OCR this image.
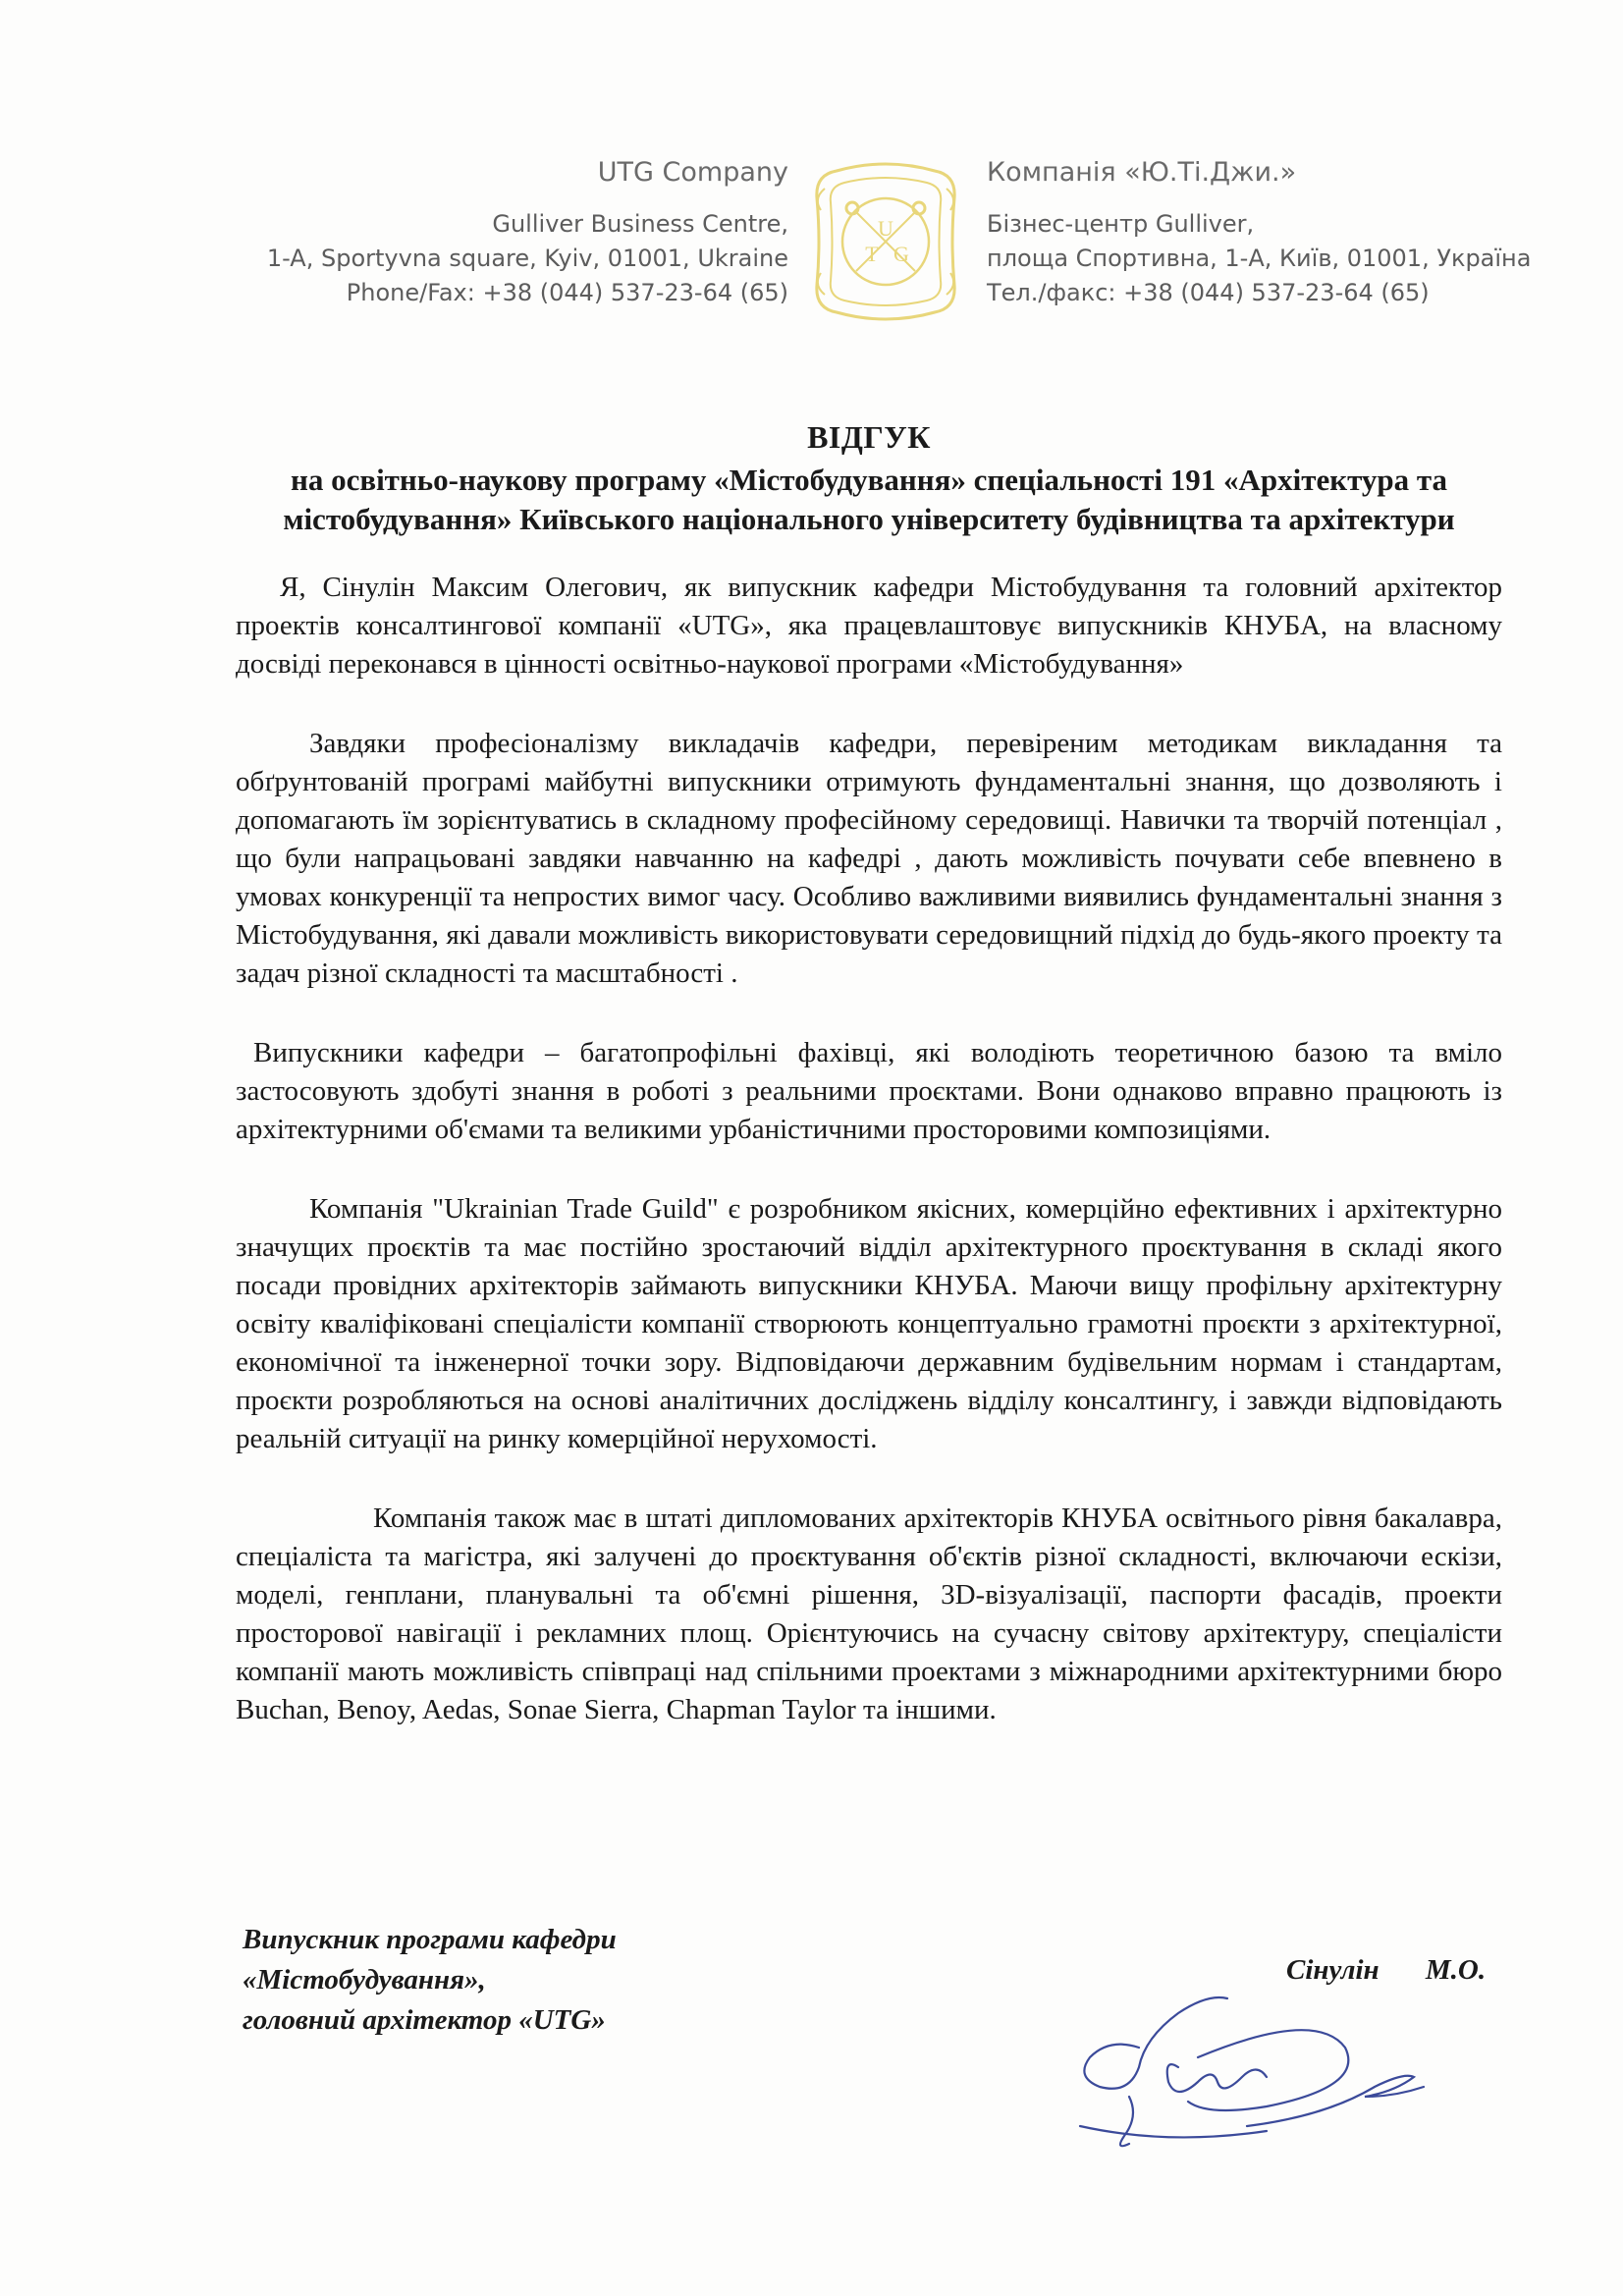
UTG Company
Gulliver Business Centre,
1-A, Sportyvna square, Kyiv, 01001, Ukraine
Phone/Fax: +38 (044) 537-23-64 (65)
U
T G
Компанія «Ю.Ті.Джи.»
Бізнес-центр Gulliver,
площа Спортивна, 1-А, Київ, 01001, Україна
Тел./факс: +38 (044) 537-23-64 (65)
ВІДГУК
на освітньо-наукову програму «Містобудування» спеціальності 191 «Архітектура та містобудування» Київського національного університету будівництва та архітектури

Я, Сінулін Максим Олегович, як випускник кафедри Містобудування та головний архітектор проектів консалтингової компанії «UTG», яка працевлаштовує випускників КНУБА, на власному досвіді переконався в цінності освітньо-наукової програми «Містобудування»

Завдяки професіоналізму викладачів кафедри, перевіреним методикам викладання та обґрунтованій програмі майбутні випускники отримують фундаментальні знання, що дозволяють і допомагають їм зорієнтуватись в складному професійному середовищі. Навички та творчій потенціал , що були напрацьовані завдяки навчанню на кафедрі , дають можливість почувати себе впевнено в умовах конкуренції та непростих вимог часу. Особливо важливими виявились фундаментальні знання з Містобудування, які давали можливість використовувати середовищний підхід до будь-якого проекту та задач різної складності та масштабності .

Випускники кафедри – багатопрофільні фахівці, які володіють теоретичною базою та вміло застосовують здобуті знання в роботі з реальними проєктами. Вони однаково вправно працюють із архітектурними об'ємами та великими урбаністичними просторовими композиціями.

Компанія "Ukrainian Trade Guild" є розробником якісних, комерційно ефективних і архітектурно значущих проєктів та має постійно зростаючий відділ архітектурного проєктування в складі якого посади провідних архітекторів займають випускники КНУБА. Маючи вищу профільну архітектурну освіту кваліфіковані спеціалісти компанії створюють концептуально грамотні проєкти з архітектурної, економічної та інженерної точки зору. Відповідаючи державним будівельним нормам і стандартам, проєкти розробляються на основі аналітичних досліджень відділу консалтингу, і завжди відповідають реальній ситуації на ринку комерційної нерухомості.

Компанія також має в штаті дипломованих архітекторів КНУБА освітнього рівня бакалавра, спеціаліста та магістра, які залучені до проєктування об'єктів різної складності, включаючи ескізи, моделі, генплани, планувальні та об'ємні рішення, 3D-візуалізації, паспорти фасадів, проекти просторової навігації і рекламних площ. Орієнтуючись на сучасну світову архітектуру, спеціалісти компанії мають можливість співпраці над спільними проектами з міжнародними архітектурними бюро Buchan, Benoy, Aedas, Sonae Sierra, Chapman Taylor та іншими.

Випускник програми кафедри
«Містобудування»,
головний архітектор «UTG»
Сінулін М.О.
